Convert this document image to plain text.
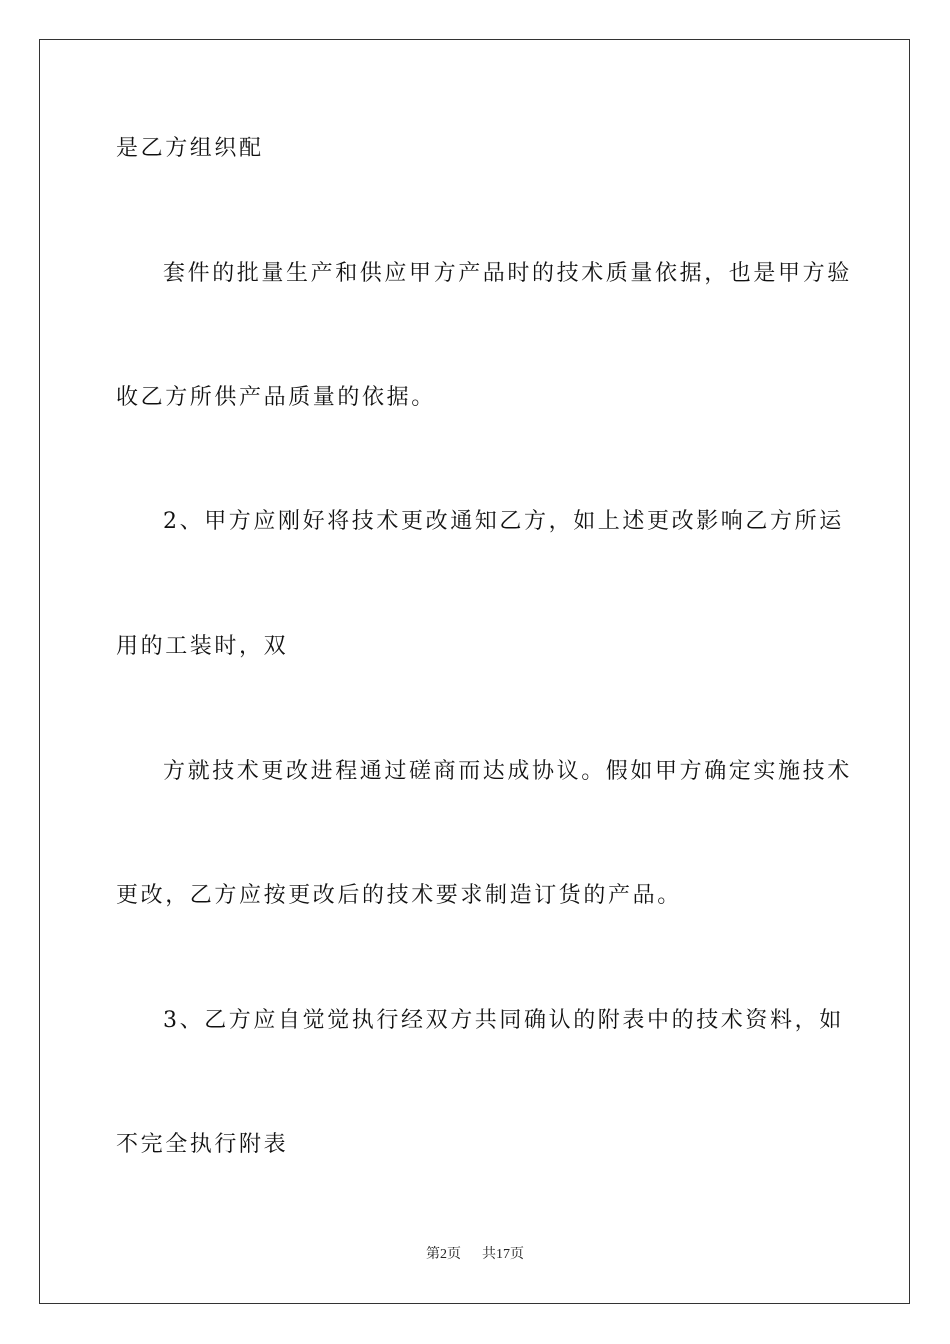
是乙方组织配
套件的批量生产和供应甲方产品时的技术质量依据，也是甲方验
收乙方所供产品质量的依据。
2、甲方应刚好将技术更改通知乙方，如上述更改影响乙方所运
用的工装时，双
方就技术更改进程通过磋商而达成协议。假如甲方确定实施技术
更改，乙方应按更改后的技术要求制造订货的产品。
3、乙方应自觉觉执行经双方共同确认的附表中的技术资料，如
不完全执行附表
第2页 共17页
